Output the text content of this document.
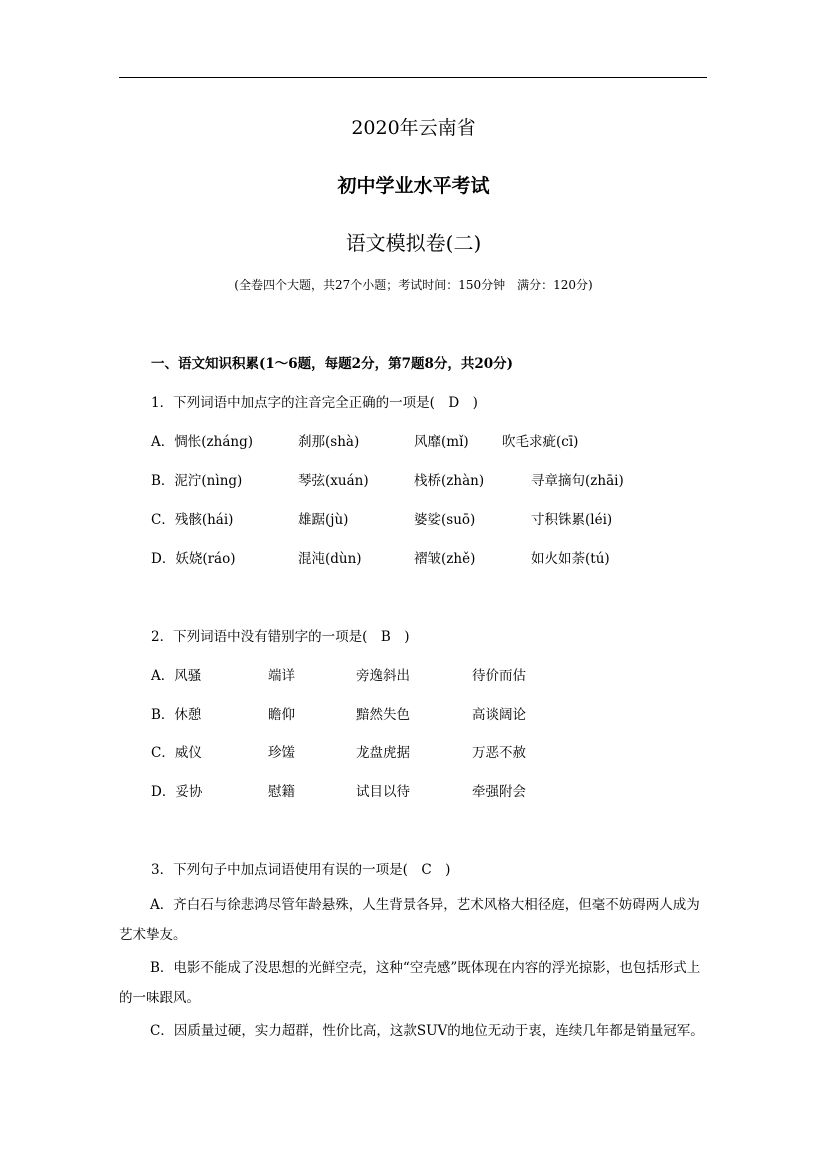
2020年云南省
初中学业水平考试
语文模拟卷(二)
(全卷四个大题，共27个小题；考试时间：150分钟　满分：120分)
一、语文知识积累(1～6题，每题2分，第7题8分，共20分)
1．下列词语中加点字的注音完全正确的一项是(　D　)
A．惆怅(zháng)	刹那(shà)	风靡(mǐ) 吹毛求疵(cī)
B．泥泞(nìng)	琴弦(xuán)	栈桥(zhàn)	寻章摘句(zhāi)
C．残骸(hái)	雄踞(jù)	婆娑(suō)	寸积铢累(léi)
D．妖娆(ráo)	混沌(dùn)	褶皱(zhě)	如火如荼(tú)
2．下列词语中没有错别字的一项是(　B　)
A．风骚	端详	旁逸斜出	待价而估
B．休憩	瞻仰	黯然失色	高谈阔论
C．威仪	珍馐	龙盘虎据	万恶不赦
D．妥协	慰籍	试目以待	牵强附会
3．下列句子中加点词语使用有误的一项是(　C　)
A．齐白石与徐悲鸿尽管年龄悬殊，人生背景各异，艺术风格大相径庭，但毫不妨碍两人成为艺术挚友。
B．电影不能成了没思想的光鲜空壳，这种“空壳感”既体现在内容的浮光掠影，也包括形式上的一味跟风。
C．因质量过硬，实力超群，性价比高，这款SUV的地位无动于衷，连续几年都是销量冠军。
